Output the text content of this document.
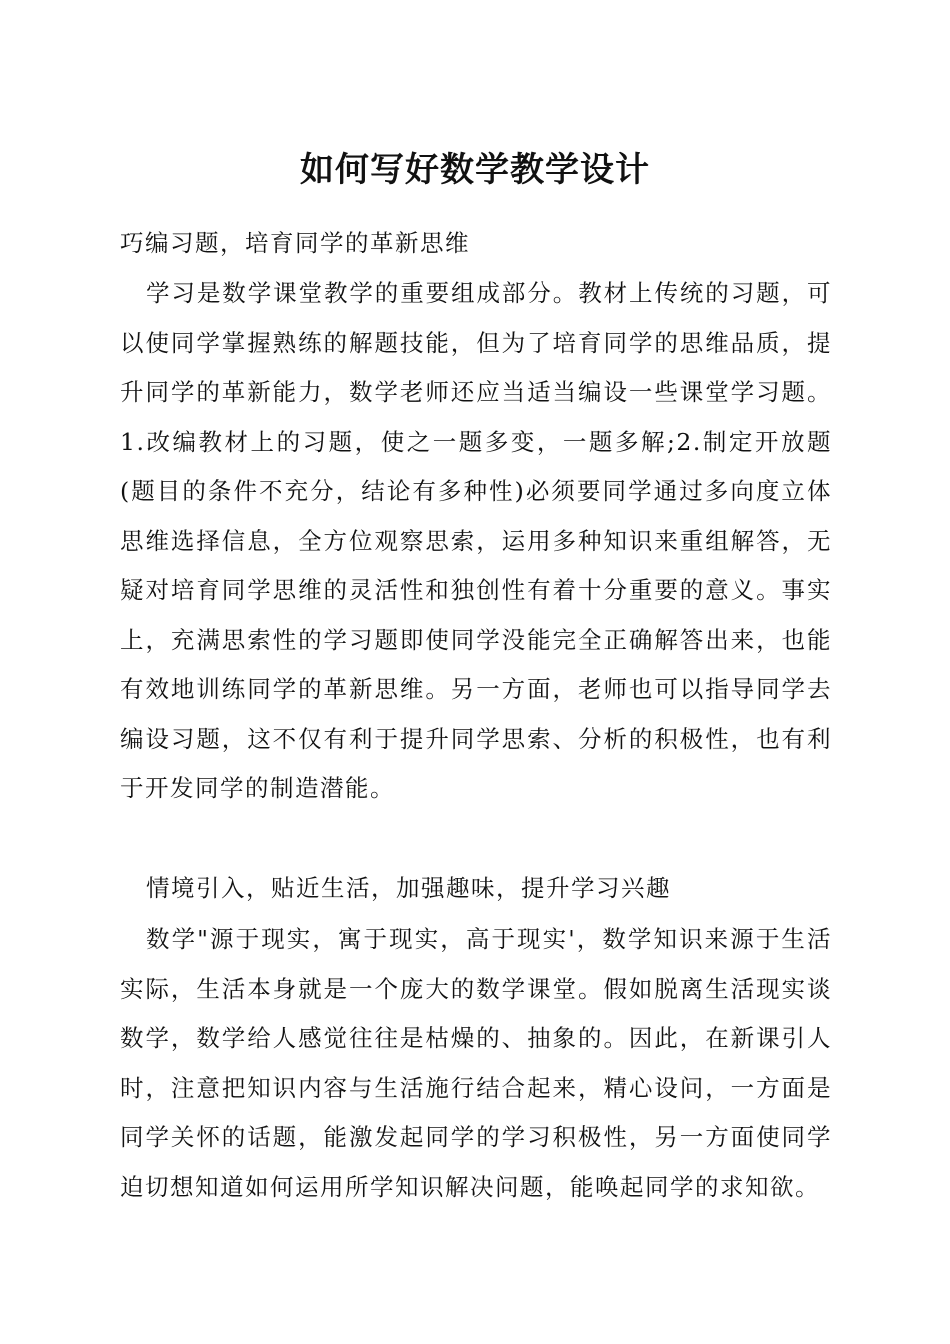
如何写好数学教学设计

巧编习题，培育同学的革新思维

学习是数学课堂教学的重要组成部分。教材上传统的习题，可以使同学掌握熟练的解题技能，但为了培育同学的思维品质，提升同学的革新能力，数学老师还应当适当编设一些课堂学习题。1.改编教材上的习题，使之一题多变，一题多解;2.制定开放题(题目的条件不充分，结论有多种性)必须要同学通过多向度立体思维选择信息，全方位观察思索，运用多种知识来重组解答，无疑对培育同学思维的灵活性和独创性有着十分重要的意义。事实上，充满思索性的学习题即使同学没能完全正确解答出来，也能有效地训练同学的革新思维。另一方面，老师也可以指导同学去编设习题，这不仅有利于提升同学思索、分析的积极性，也有利于开发同学的制造潜能。

情境引入，贴近生活，加强趣味，提升学习兴趣

数学"源于现实，寓于现实，高于现实'，数学知识来源于生活实际，生活本身就是一个庞大的数学课堂。假如脱离生活现实谈数学，数学给人感觉往往是枯燥的、抽象的。因此，在新课引人时，注意把知识内容与生活施行结合起来，精心设问，一方面是同学关怀的话题，能激发起同学的学习积极性，另一方面使同学迫切想知道如何运用所学知识解决问题，能唤起同学的求知欲。
